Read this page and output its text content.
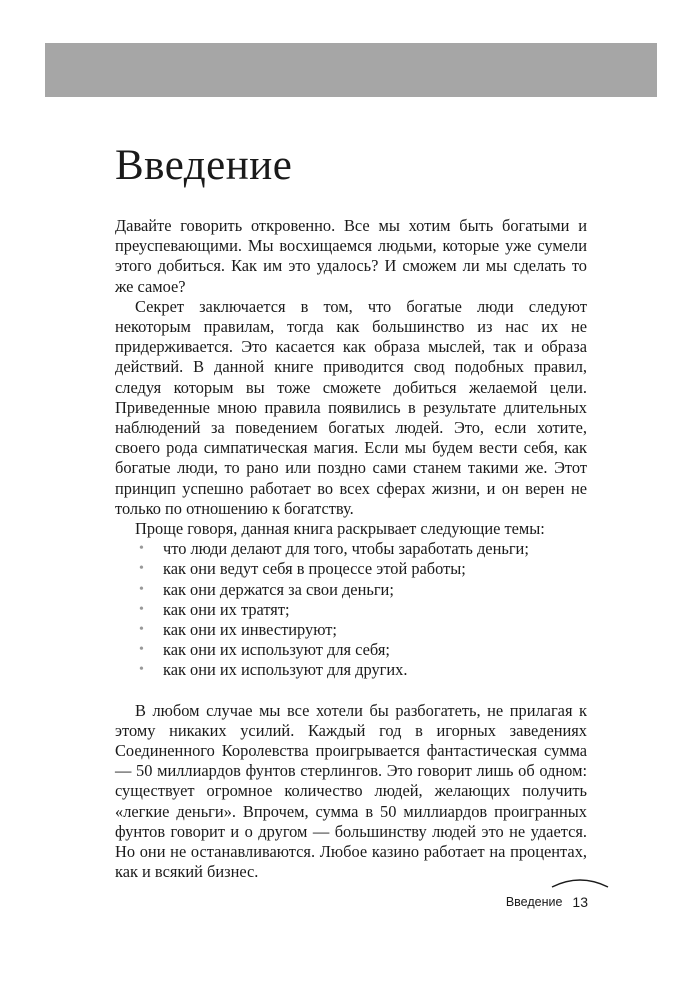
Введение

Давайте говорить откровенно. Все мы хотим быть богатыми и преуспевающими. Мы восхищаемся людьми, которые уже сумели этого добиться. Как им это удалось? И сможем ли мы сделать то же самое?

Секрет заключается в том, что богатые люди следуют некоторым правилам, тогда как большинство из нас их не придерживается. Это касается как образа мыслей, так и образа действий. В данной книге приводится свод подобных правил, следуя которым вы тоже сможете добиться желаемой цели. Приведенные мною правила появились в результате длительных наблюдений за поведением богатых людей. Это, если хотите, своего рода симпатическая магия. Если мы будем вести себя, как богатые люди, то рано или поздно сами станем такими же. Этот принцип успешно работает во всех сферах жизни, и он верен не только по отношению к богатству.

Проще говоря, данная книга раскрывает следующие темы:

• что люди делают для того, чтобы заработать деньги;
• как они ведут себя в процессе этой работы;
• как они держатся за свои деньги;
• как они их тратят;
• как они их инвестируют;
• как они их используют для себя;
• как они их используют для других.

В любом случае мы все хотели бы разбогатеть, не прилагая к этому никаких усилий. Каждый год в игорных заведениях Соединенного Королевства проигрывается фантастическая сумма — 50 миллиардов фунтов стерлингов. Это говорит лишь об одном: существует огромное количество людей, желающих получить «легкие деньги». Впрочем, сумма в 50 миллиардов проигранных фунтов говорит и о другом — большинству людей это не удается. Но они не останавливаются. Любое казино работает на процентах, как и всякий бизнес.

Введение 13
